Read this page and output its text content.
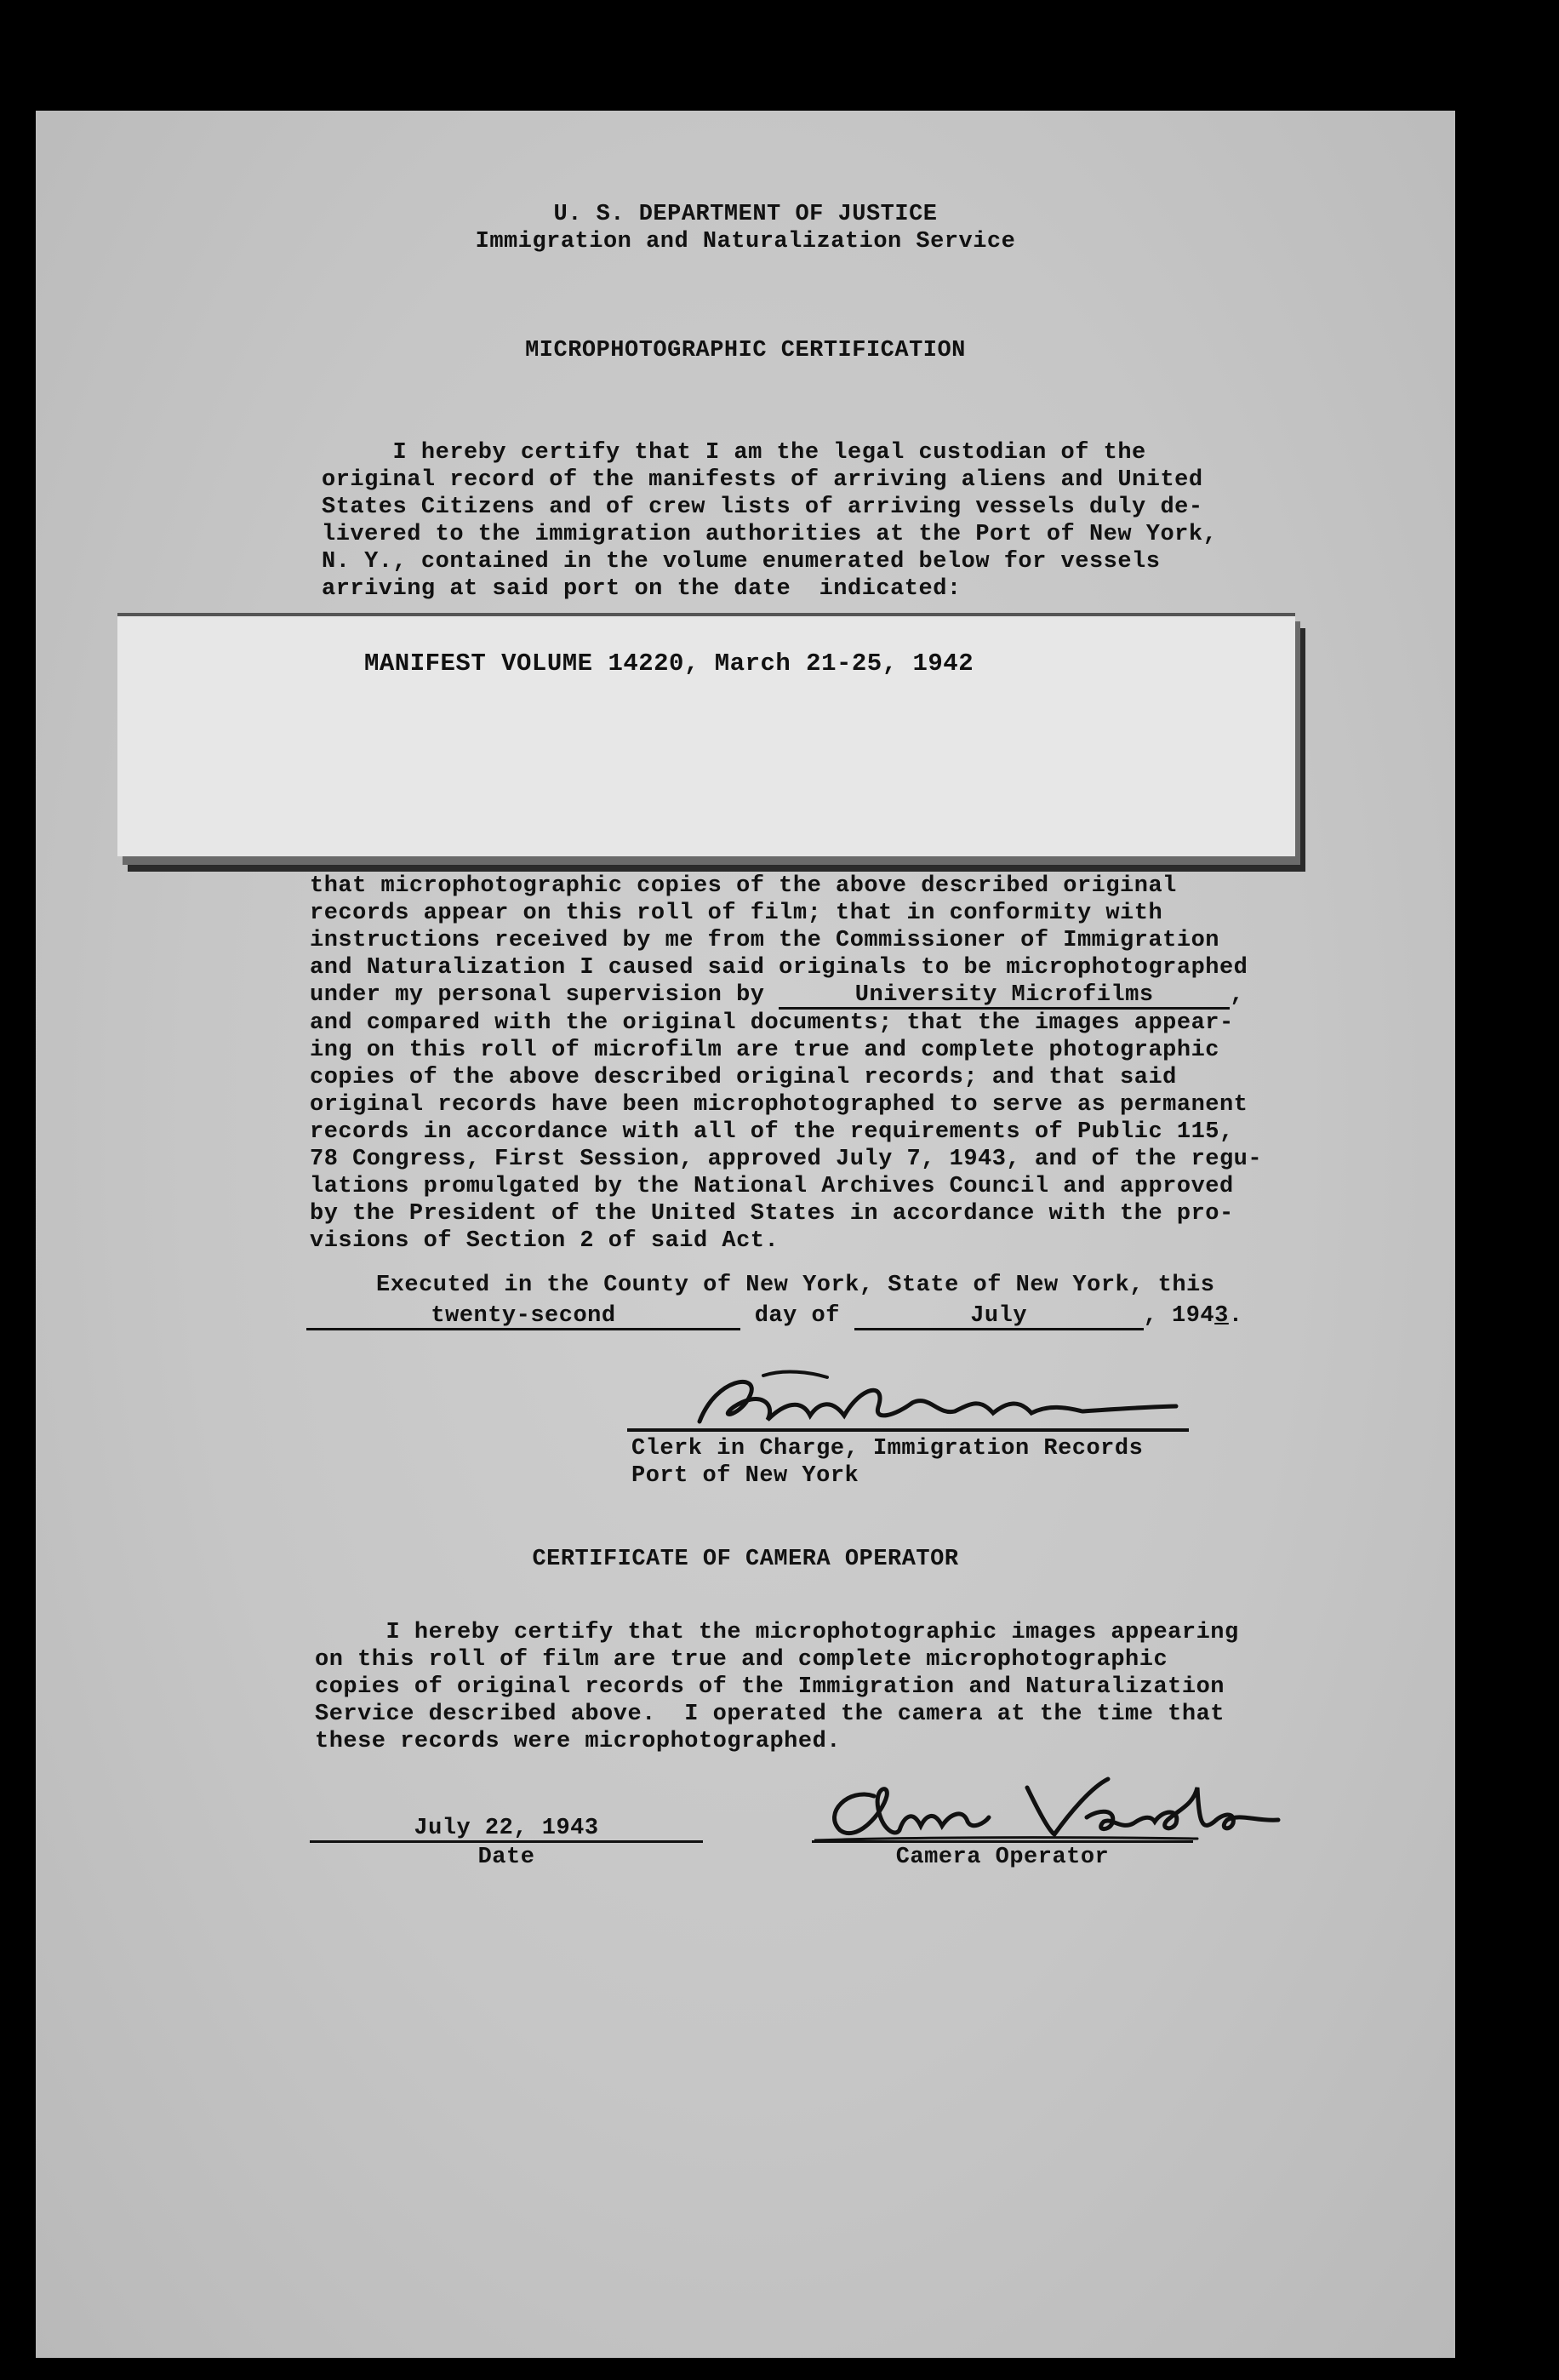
U. S. DEPARTMENT OF JUSTICE
Immigration and Naturalization Service
MICROPHOTOGRAPHIC CERTIFICATION
I hereby certify that I am the legal custodian of the
original record of the manifests of arriving aliens and United
States Citizens and of crew lists of arriving vessels duly de-
livered to the immigration authorities at the Port of New York,
N. Y., contained in the volume enumerated below for vessels
arriving at said port on the date  indicated:
MANIFEST VOLUME 14220, March 21-25, 1942
that microphotographic copies of the above described original
records appear on this roll of film; that in conformity with
instructions received by me from the Commissioner of Immigration
and Naturalization I caused said originals to be microphotographed
under my personal supervision by	University Microfilms	,
and compared with the original documents; that the images appear-
ing on this roll of microfilm are true and complete photographic
copies of the above described original records; and that said
original records have been microphotographed to serve as permanent
records in accordance with all of the requirements of Public 115,
78 Congress, First Session, approved July 7, 1943, and of the regu-
lations promulgated by the National Archives Council and approved
by the President of the United States in accordance with the pro-
visions of Section 2 of said Act.
Executed in the County of New York, State of New York, this
twenty-second	day of	July	, 1943.
Clerk in Charge, Immigration Records
Port of New York
CERTIFICATE OF CAMERA OPERATOR
I hereby certify that the microphotographic images appearing
on this roll of film are true and complete microphotographic
copies of original records of the Immigration and Naturalization
Service described above.  I operated the camera at the time that
these records were microphotographed.
July 22, 1943
Date	Camera Operator
